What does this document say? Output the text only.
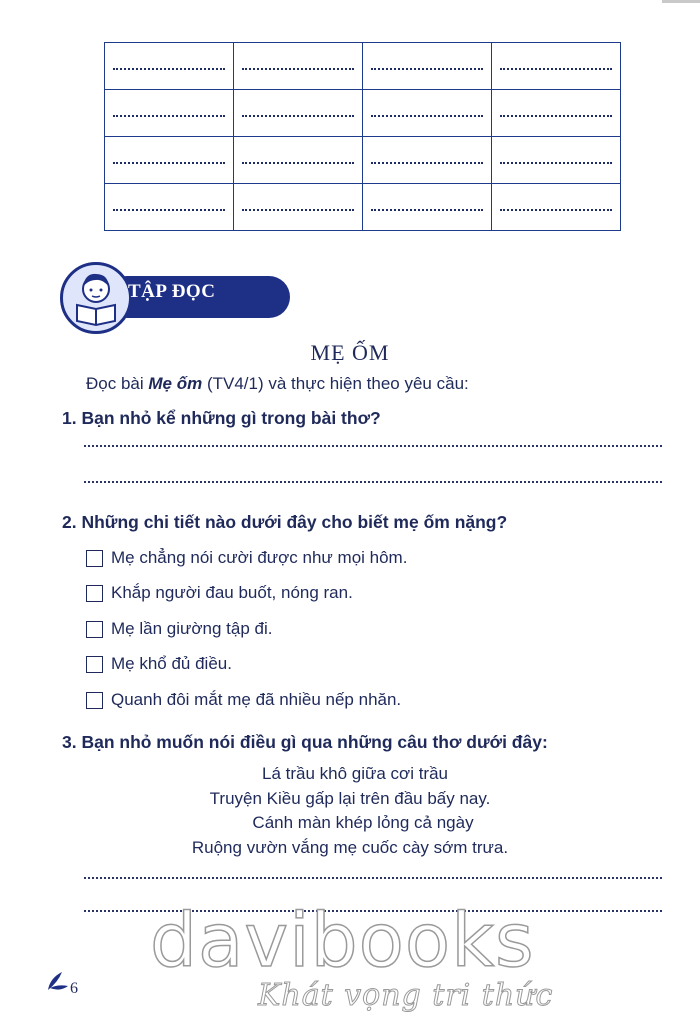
TẬP ĐỌC
MẸ ỐM
Đọc bài Mẹ ốm (TV4/1) và thực hiện theo yêu cầu:
1. Bạn nhỏ kể những gì trong bài thơ?
2. Những chi tiết nào dưới đây cho biết mẹ ốm nặng?
Mẹ chẳng nói cười được như mọi hôm.
Khắp người đau buốt, nóng ran.
Mẹ lần giường tập đi.
Mẹ khổ đủ điều.
Quanh đôi mắt mẹ đã nhiều nếp nhăn.
3. Bạn nhỏ muốn nói điều gì qua những câu thơ dưới đây:
Lá trầu khô giữa cơi trầu
Truyện Kiều gấp lại trên đầu bấy nay.
Cánh màn khép lỏng cả ngày
Ruộng vườn vắng mẹ cuốc cày sớm trưa.
davibooks
Khát vọng tri thức
6
